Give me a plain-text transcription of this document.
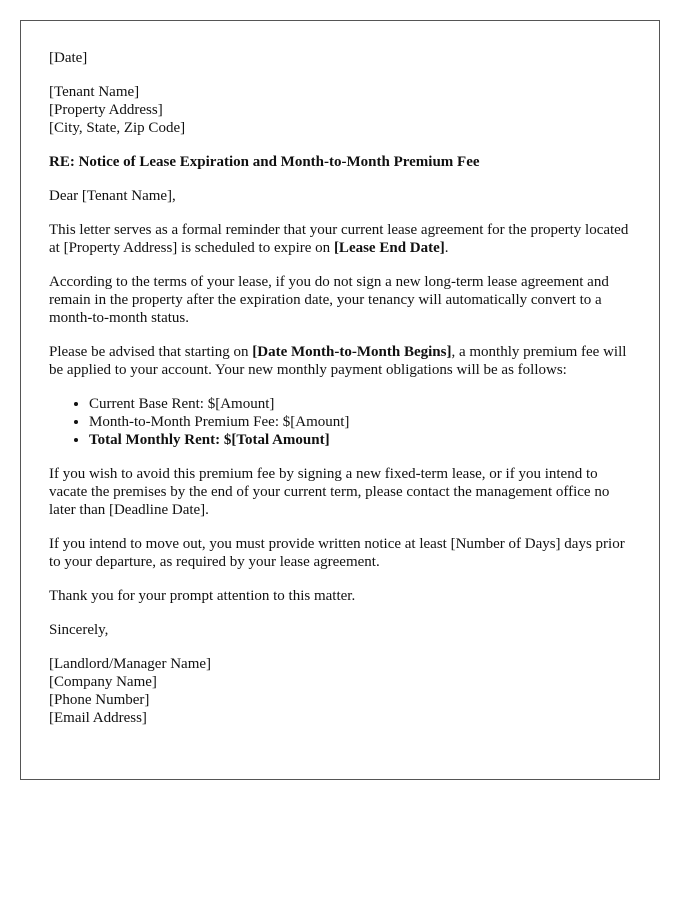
[Date]
[Tenant Name]
[Property Address]
[City, State, Zip Code]

RE: Notice of Lease Expiration and Month-to-Month Premium Fee

Dear [Tenant Name],

This letter serves as a formal reminder that your current lease agreement for the property located at [Property Address] is scheduled to expire on [Lease End Date].

According to the terms of your lease, if you do not sign a new long-term lease agreement and remain in the property after the expiration date, your tenancy will automatically convert to a month-to-month status.

Please be advised that starting on [Date Month-to-Month Begins], a monthly premium fee will be applied to your account. Your new monthly payment obligations will be as follows:

• Current Base Rent: $[Amount]
• Month-to-Month Premium Fee: $[Amount]
• Total Monthly Rent: $[Total Amount]

If you wish to avoid this premium fee by signing a new fixed-term lease, or if you intend to vacate the premises by the end of your current term, please contact the management office no later than [Deadline Date].

If you intend to move out, you must provide written notice at least [Number of Days] days prior to your departure, as required by your lease agreement.

Thank you for your prompt attention to this matter.

Sincerely,

[Landlord/Manager Name]
[Company Name]
[Phone Number]
[Email Address]
